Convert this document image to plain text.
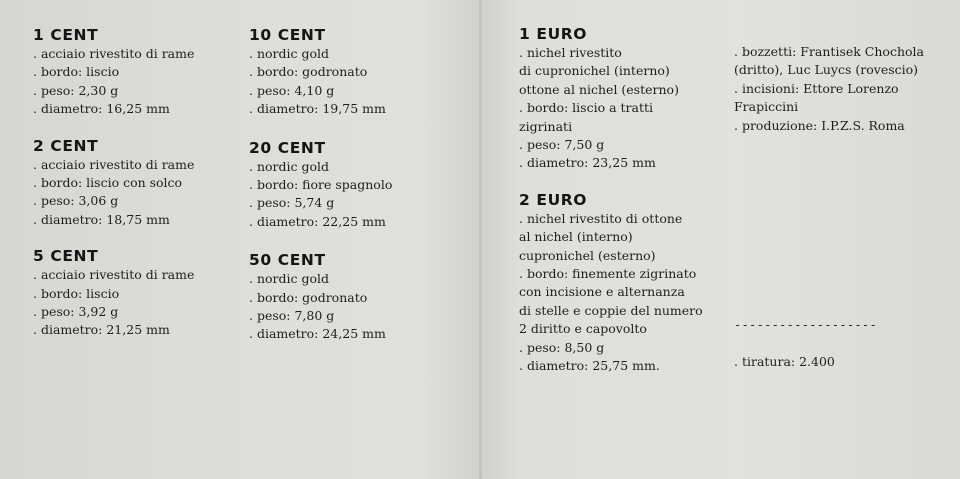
1 CENT
. acciaio rivestito di rame
. bordo: liscio
. peso: 2,30 g
. diametro: 16,25 mm
2 CENT
. acciaio rivestito di rame
. bordo: liscio con solco
. peso: 3,06 g
. diametro: 18,75 mm
5 CENT
. acciaio rivestito di rame
. bordo: liscio
. peso: 3,92 g
. diametro: 21,25 mm
10 CENT
. nordic gold
. bordo: godronato
. peso: 4,10 g
. diametro: 19,75 mm
20 CENT
. nordic gold
. bordo: fiore spagnolo
. peso: 5,74 g
. diametro: 22,25 mm
50 CENT
. nordic gold
. bordo: godronato
. peso: 7,80 g
. diametro: 24,25 mm
1 EURO
. nichel rivestito
di cupronichel (interno)
ottone al nichel (esterno)
. bordo: liscio a tratti
zigrinati
. peso: 7,50 g
. diametro: 23,25 mm
2 EURO
. nichel rivestito di ottone
al nichel (interno)
cupronichel (esterno)
. bordo: finemente zigrinato
con incisione e alternanza
di stelle e coppie del numero
2 diritto e capovolto
. peso: 8,50 g
. diametro: 25,75 mm.
. bozzetti: Frantisek Chochola
(dritto), Luc Luycs (rovescio)
. incisioni: Ettore Lorenzo
Frapiccini
. produzione: I.P.Z.S. Roma
-------------------
. tiratura: 2.400
